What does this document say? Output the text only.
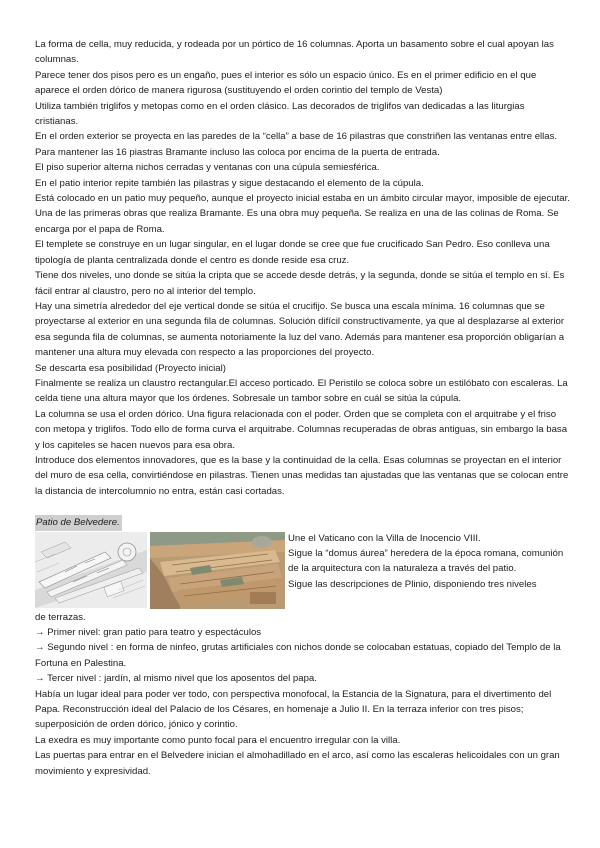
La forma de cella, muy reducida, y rodeada por un pórtico de 16 columnas. Aporta un basamento sobre el cual apoyan las columnas.

Parece tener dos pisos pero es un engaño, pues el interior es sólo un espacio único. Es en el primer edificio en el que aparece el orden dórico de manera rigurosa (sustituyendo el orden corintio del templo de Vesta)

Utiliza también triglifos y metopas como en el orden clásico. Las decorados de triglifos van dedicadas a las liturgias cristianas.

En el orden exterior se proyecta en las paredes de la “cella” a base de 16 pilastras que constriñen las ventanas entre ellas. Para mantener las 16 piastras Bramante incluso las coloca por encima de la puerta de entrada.

El piso superior alterna nichos cerradas y ventanas con una cúpula semiesférica.

En el patio interior repite también las pilastras y sigue destacando el elemento de la cúpula.

Está colocado en un patio muy pequeño, aunque el proyecto inicial estaba en un ámbito circular mayor, imposible de ejecutar.

Una de las primeras obras que realiza Bramante. Es una obra muy pequeña. Se realiza en una de las colinas de Roma. Se encarga por el papa de Roma.

El templete se construye en un lugar singular, en el lugar donde se cree que fue crucificado San Pedro. Eso conlleva una tipología de planta centralizada donde el centro es donde reside esa cruz.

Tiene dos niveles, uno donde se sitúa la cripta que se accede desde detrás, y la segunda, donde se sitúa el templo en sí. Es fácil entrar al claustro, pero no al interior del templo.

Hay una simetría alrededor del eje vertical donde se sitúa el crucifijo. Se busca una escala mínima. 16 columnas que se proyectarse al exterior en una segunda fila de columnas. Solución difícil constructivamente, ya que al desplazarse al exterior esa segunda fila de columnas, se aumenta notoriamente la luz del vano. Además para mantener esa proporción obligarían a mantener una altura muy elevada con respecto a las proporciones del proyecto.

Se descarta esa posibilidad (Proyecto inicial)

Finalmente se realiza un claustro rectangular.El acceso porticado. El Peristilo se coloca sobre un estilóbato con escaleras. La celda tiene una altura mayor que los órdenes. Sobresale un tambor sobre en cuál se sitúa la cúpula.

La columna se usa el orden dórico. Una figura relacionada con el poder. Orden que se completa con el arquitrabe y el friso con metopa y triglifos. Todo ello de forma curva el arquitrabe. Columnas recuperadas de obras antiguas, sin embargo la basa y los capiteles se hacen nuevos para esa obra.

Introduce dos elementos innovadores, que es la base y la continuidad de la cella. Esas columnas se proyectan en el interior del muro de esa cella, convirtiéndose en pilastras. Tienen unas medidas tan ajustadas que las ventanas que se colocan entre la distancia de intercolumnio no entra, están casi cortadas.

Patio de Belvedere.

Une el Vaticano con la Villa de Inocencio VIII.

Sigue la “domus áurea” heredera de la época romana, comunión de la arquitectura con la naturaleza a través del patio.

Sigue las descripciones de Plinio, disponiendo tres niveles

de terrazas.

→ Primer nivel: gran patio para teatro y espectáculos

→ Segundo nivel : en forma de ninfeo, grutas artificiales con nichos donde se colocaban estatuas, copiado del Templo de la Fortuna en Palestina.

→ Tercer nivel : jardín, al mismo nivel que los aposentos del papa.

Había un lugar ideal para poder ver todo, con perspectiva monofocal, la Estancia de la Signatura, para el divertimento del Papa. Reconstrucción ideal del Palacio de los Césares, en homenaje a Julio II. En la terraza inferior con tres pisos; superposición de orden dórico, jónico y corintio.

La exedra es muy importante como punto focal para el encuentro irregular con la villa.

Las puertas para entrar en el Belvedere inician el almohadillado en el arco, así como las escaleras helicoidales con un gran movimiento y expresividad.
